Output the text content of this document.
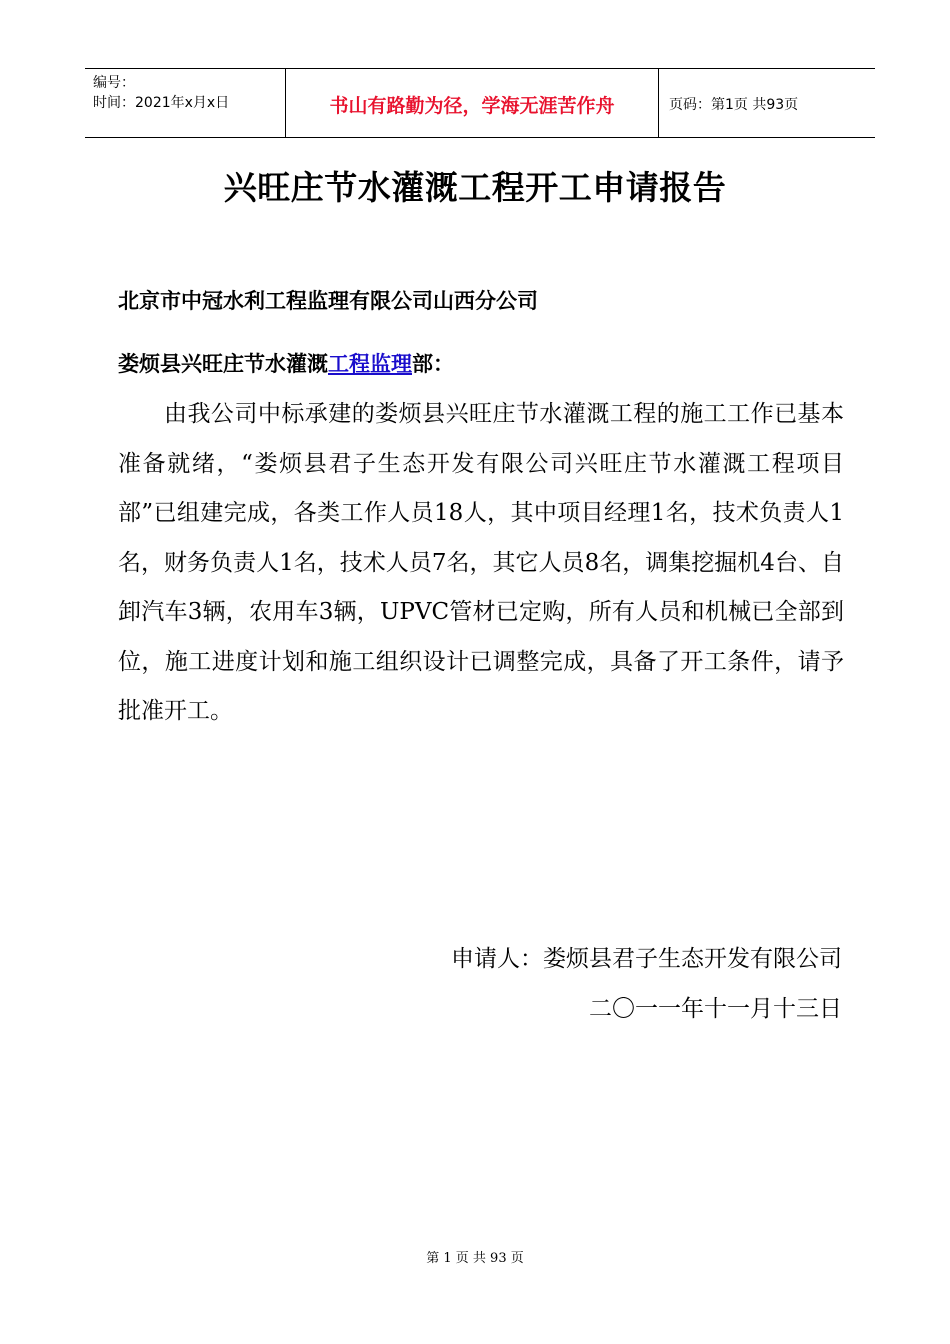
编号：
时间：2021年x月x日	书山有路勤为径，学海无涯苦作舟	页码：第1页 共93页
兴旺庄节水灌溉工程开工申请报告
北京市中冠水利工程监理有限公司山西分公司
娄烦县兴旺庄节水灌溉工程监理部：
由我公司中标承建的娄烦县兴旺庄节水灌溉工程的施工工作已基本准备就绪，“娄烦县君子生态开发有限公司兴旺庄节水灌溉工程项目部”已组建完成，各类工作人员18人，其中项目经理1名，技术负责人1名，财务负责人1名，技术人员7名，其它人员8名，调集挖掘机4台、自卸汽车3辆，农用车3辆，UPVC管材已定购，所有人员和机械已全部到位，施工进度计划和施工组织设计已调整完成，具备了开工条件，请予批准开工。
申请人：娄烦县君子生态开发有限公司
二〇一一年十一月十三日
第 1 页 共 93 页
